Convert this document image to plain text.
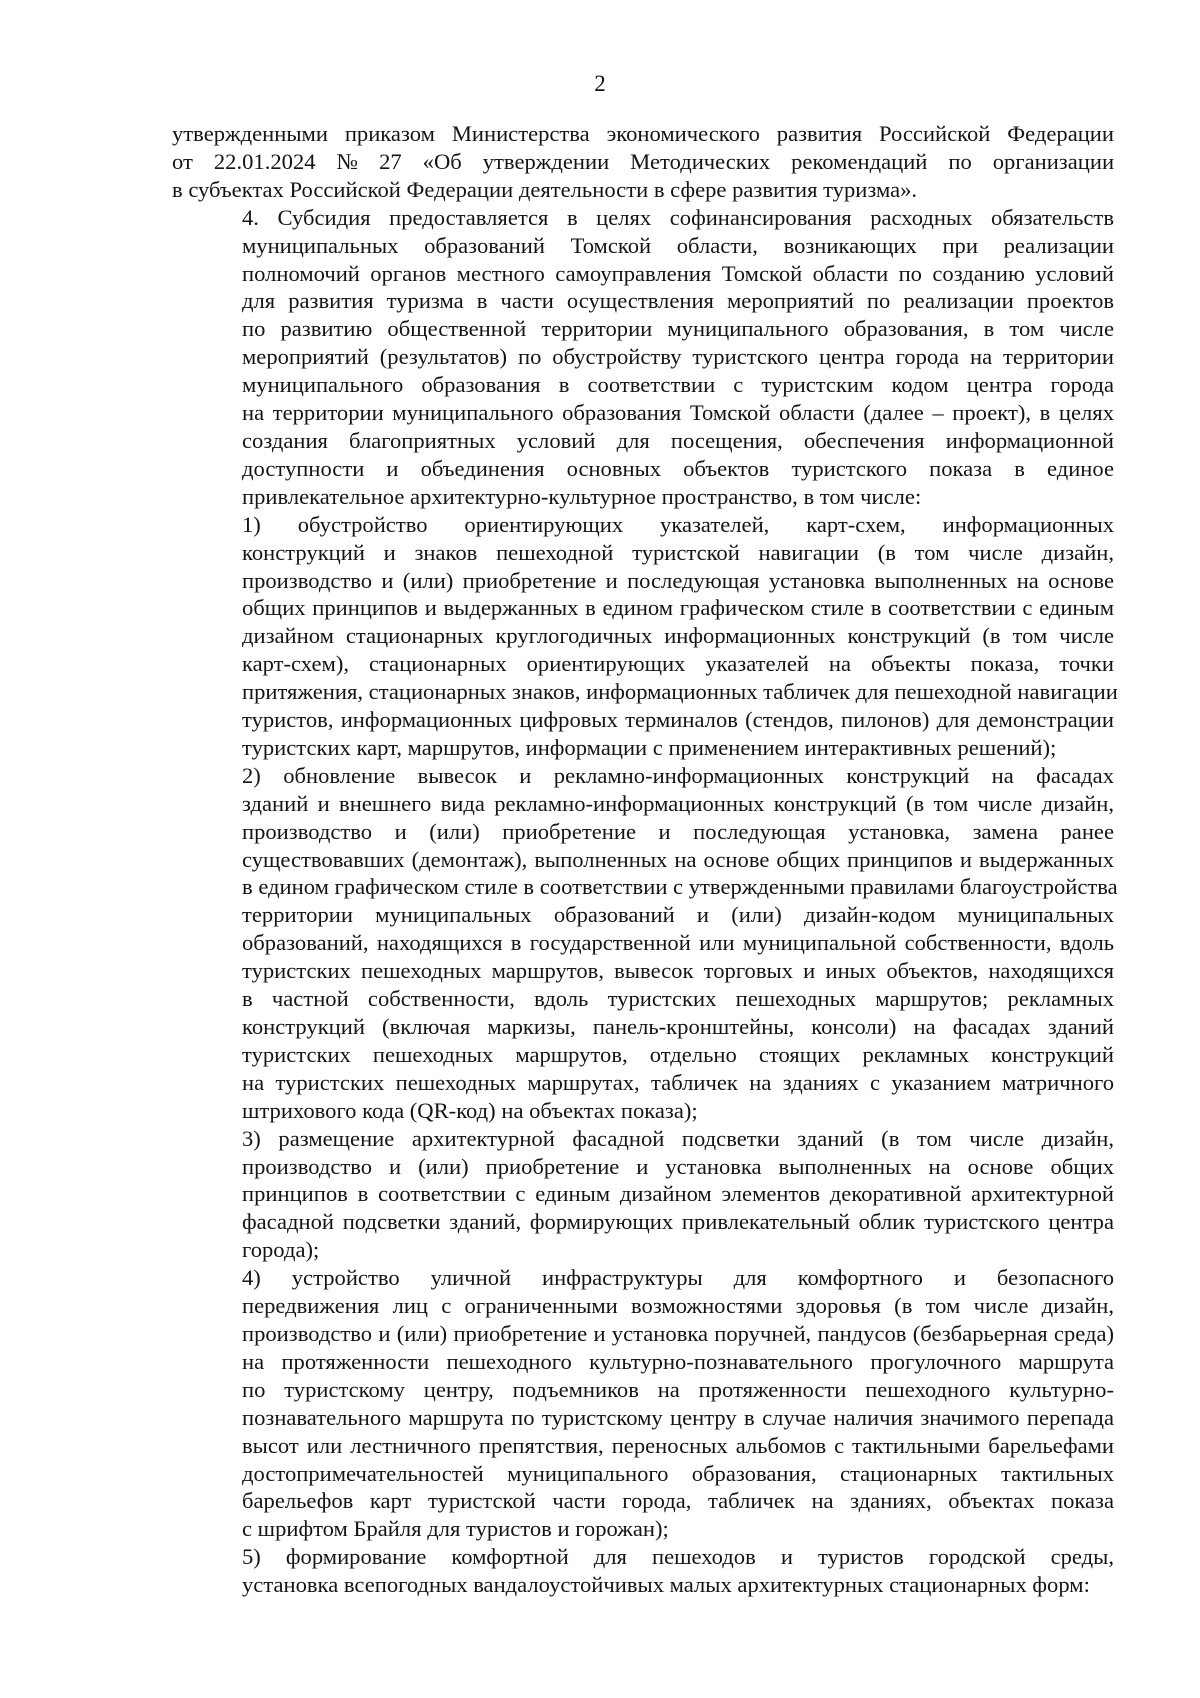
2

утвержденными приказом Министерства экономического развития Российской Федерации
от 22.01.2024 № 27 «Об утверждении Методических рекомендаций по организации
в субъектах Российской Федерации деятельности в сфере развития туризма».

4. Субсидия предоставляется в целях софинансирования расходных обязательств
муниципальных образований Томской области, возникающих при реализации
полномочий органов местного самоуправления Томской области по созданию условий
для развития туризма в части осуществления мероприятий по реализации проектов
по развитию общественной территории муниципального образования, в том числе
мероприятий (результатов) по обустройству туристского центра города на территории
муниципального образования в соответствии с туристским кодом центра города
на территории муниципального образования Томской области (далее – проект), в целях
создания благоприятных условий для посещения, обеспечения информационной
доступности и объединения основных объектов туристского показа в единое
привлекательное архитектурно-культурное пространство, в том числе:

1) обустройство ориентирующих указателей, карт-схем, информационных
конструкций и знаков пешеходной туристской навигации (в том числе дизайн,
производство и (или) приобретение и последующая установка выполненных на основе
общих принципов и выдержанных в едином графическом стиле в соответствии с единым
дизайном стационарных круглогодичных информационных конструкций (в том числе
карт-схем), стационарных ориентирующих указателей на объекты показа, точки
притяжения, стационарных знаков, информационных табличек для пешеходной навигации
туристов, информационных цифровых терминалов (стендов, пилонов) для демонстрации
туристских карт, маршрутов, информации с применением интерактивных решений);

2) обновление вывесок и рекламно-информационных конструкций на фасадах
зданий и внешнего вида рекламно-информационных конструкций (в том числе дизайн,
производство и (или) приобретение и последующая установка, замена ранее
существовавших (демонтаж), выполненных на основе общих принципов и выдержанных
в едином графическом стиле в соответствии с утвержденными правилами благоустройства
территории муниципальных образований и (или) дизайн-кодом муниципальных
образований, находящихся в государственной или муниципальной собственности, вдоль
туристских пешеходных маршрутов, вывесок торговых и иных объектов, находящихся
в частной собственности, вдоль туристских пешеходных маршрутов; рекламных
конструкций (включая маркизы, панель-кронштейны, консоли) на фасадах зданий
туристских пешеходных маршрутов, отдельно стоящих рекламных конструкций
на туристских пешеходных маршрутах, табличек на зданиях с указанием матричного
штрихового кода (QR-код) на объектах показа);

3) размещение архитектурной фасадной подсветки зданий (в том числе дизайн,
производство и (или) приобретение и установка выполненных на основе общих
принципов в соответствии с единым дизайном элементов декоративной архитектурной
фасадной подсветки зданий, формирующих привлекательный облик туристского центра
города);

4) устройство уличной инфраструктуры для комфортного и безопасного
передвижения лиц с ограниченными возможностями здоровья (в том числе дизайн,
производство и (или) приобретение и установка поручней, пандусов (безбарьерная среда)
на протяженности пешеходного культурно-познавательного прогулочного маршрута
по туристскому центру, подъемников на протяженности пешеходного культурно-
познавательного маршрута по туристскому центру в случае наличия значимого перепада
высот или лестничного препятствия, переносных альбомов с тактильными барельефами
достопримечательностей муниципального образования, стационарных тактильных
барельефов карт туристской части города, табличек на зданиях, объектах показа
с шрифтом Брайля для туристов и горожан);

5) формирование комфортной для пешеходов и туристов городской среды,
установка всепогодных вандалоустойчивых малых архитектурных стационарных форм:
